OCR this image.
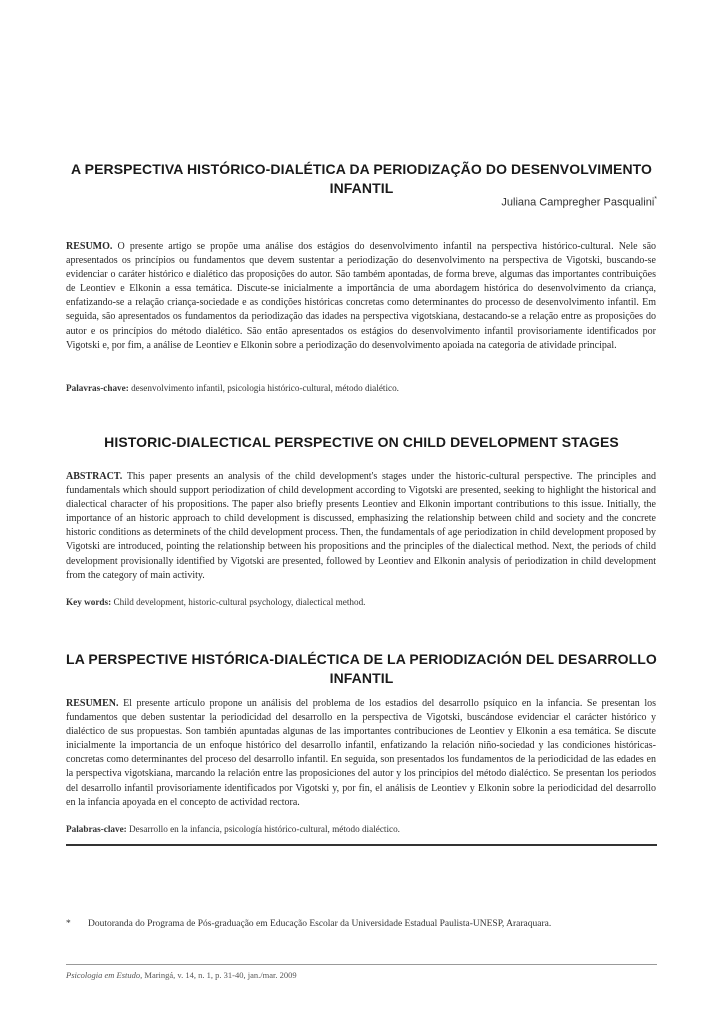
A PERSPECTIVA HISTÓRICO-DIALÉTICA DA PERIODIZAÇÃO DO DESENVOLVIMENTO INFANTIL
Juliana Campregher Pasqualini*
RESUMO. O presente artigo se propõe uma análise dos estágios do desenvolvimento infantil na perspectiva histórico-cultural. Nele são apresentados os princípios ou fundamentos que devem sustentar a periodização do desenvolvimento na perspectiva de Vigotski, buscando-se evidenciar o caráter histórico e dialético das proposições do autor. São também apontadas, de forma breve, algumas das importantes contribuições de Leontiev e Elkonin a essa temática. Discute-se inicialmente a importância de uma abordagem histórica do desenvolvimento da criança, enfatizando-se a relação criança-sociedade e as condições históricas concretas como determinantes do processo de desenvolvimento infantil. Em seguida, são apresentados os fundamentos da periodização das idades na perspectiva vigotskiana, destacando-se a relação entre as proposições do autor e os princípios do método dialético. São então apresentados os estágios do desenvolvimento infantil provisoriamente identificados por Vigotski e, por fim, a análise de Leontiev e Elkonin sobre a periodização do desenvolvimento apoiada na categoria de atividade principal.
Palavras-chave: desenvolvimento infantil, psicologia histórico-cultural, método dialético.
HISTORIC-DIALECTICAL PERSPECTIVE ON CHILD DEVELOPMENT STAGES
ABSTRACT. This paper presents an analysis of the child development's stages under the historic-cultural perspective. The principles and fundamentals which should support periodization of child development according to Vigotski are presented, seeking to highlight the historical and dialectical character of his propositions. The paper also briefly presents Leontiev and Elkonin important contributions to this issue. Initially, the importance of an historic approach to child development is discussed, emphasizing the relationship between child and society and the concrete historic conditions as determinets of the child development process. Then, the fundamentals of age periodization in child development proposed by Vigotski are introduced, pointing the relationship between his propositions and the principles of the dialectical method. Next, the periods of child development provisionally identified by Vigotski are presented, followed by Leontiev and Elkonin analysis of periodization in child development from the category of main activity.
Key words: Child development, historic-cultural psychology, dialectical method.
LA PERSPECTIVE HISTÓRICA-DIALÉCTICA DE LA PERIODIZACIÓN DEL DESARROLLO INFANTIL
RESUMEN. El presente artículo propone un análisis del problema de los estadios del desarrollo psíquico en la infancia. Se presentan los fundamentos que deben sustentar la periodicidad del desarrollo en la perspectiva de Vigotski, buscándose evidenciar el carácter histórico y dialéctico de sus propuestas. Son también apuntadas algunas de las importantes contribuciones de Leontiev y Elkonin a esa temática. Se discute inicialmente la importancia de un enfoque histórico del desarrollo infantil, enfatizando la relación niño-sociedad y las condiciones históricas-concretas como determinantes del proceso del desarrollo infantil. En seguida, son presentados los fundamentos de la periodicidad de las edades en la perspectiva vigotskiana, marcando la relación entre las proposiciones del autor y los principios del método dialéctico. Se presentan los periodos del desarrollo infantil provisoriamente identificados por Vigotski y, por fin, el análisis de Leontiev y Elkonin sobre la periodicidad del desarrollo en la infancia apoyada en el concepto de actividad rectora.
Palabras-clave: Desarrollo en la infancia, psicología histórico-cultural, método dialéctico.
* Doutoranda do Programa de Pós-graduação em Educação Escolar da Universidade Estadual Paulista-UNESP, Araraquara.
Psicologia em Estudo, Maringá, v. 14, n. 1, p. 31-40, jan./mar. 2009
